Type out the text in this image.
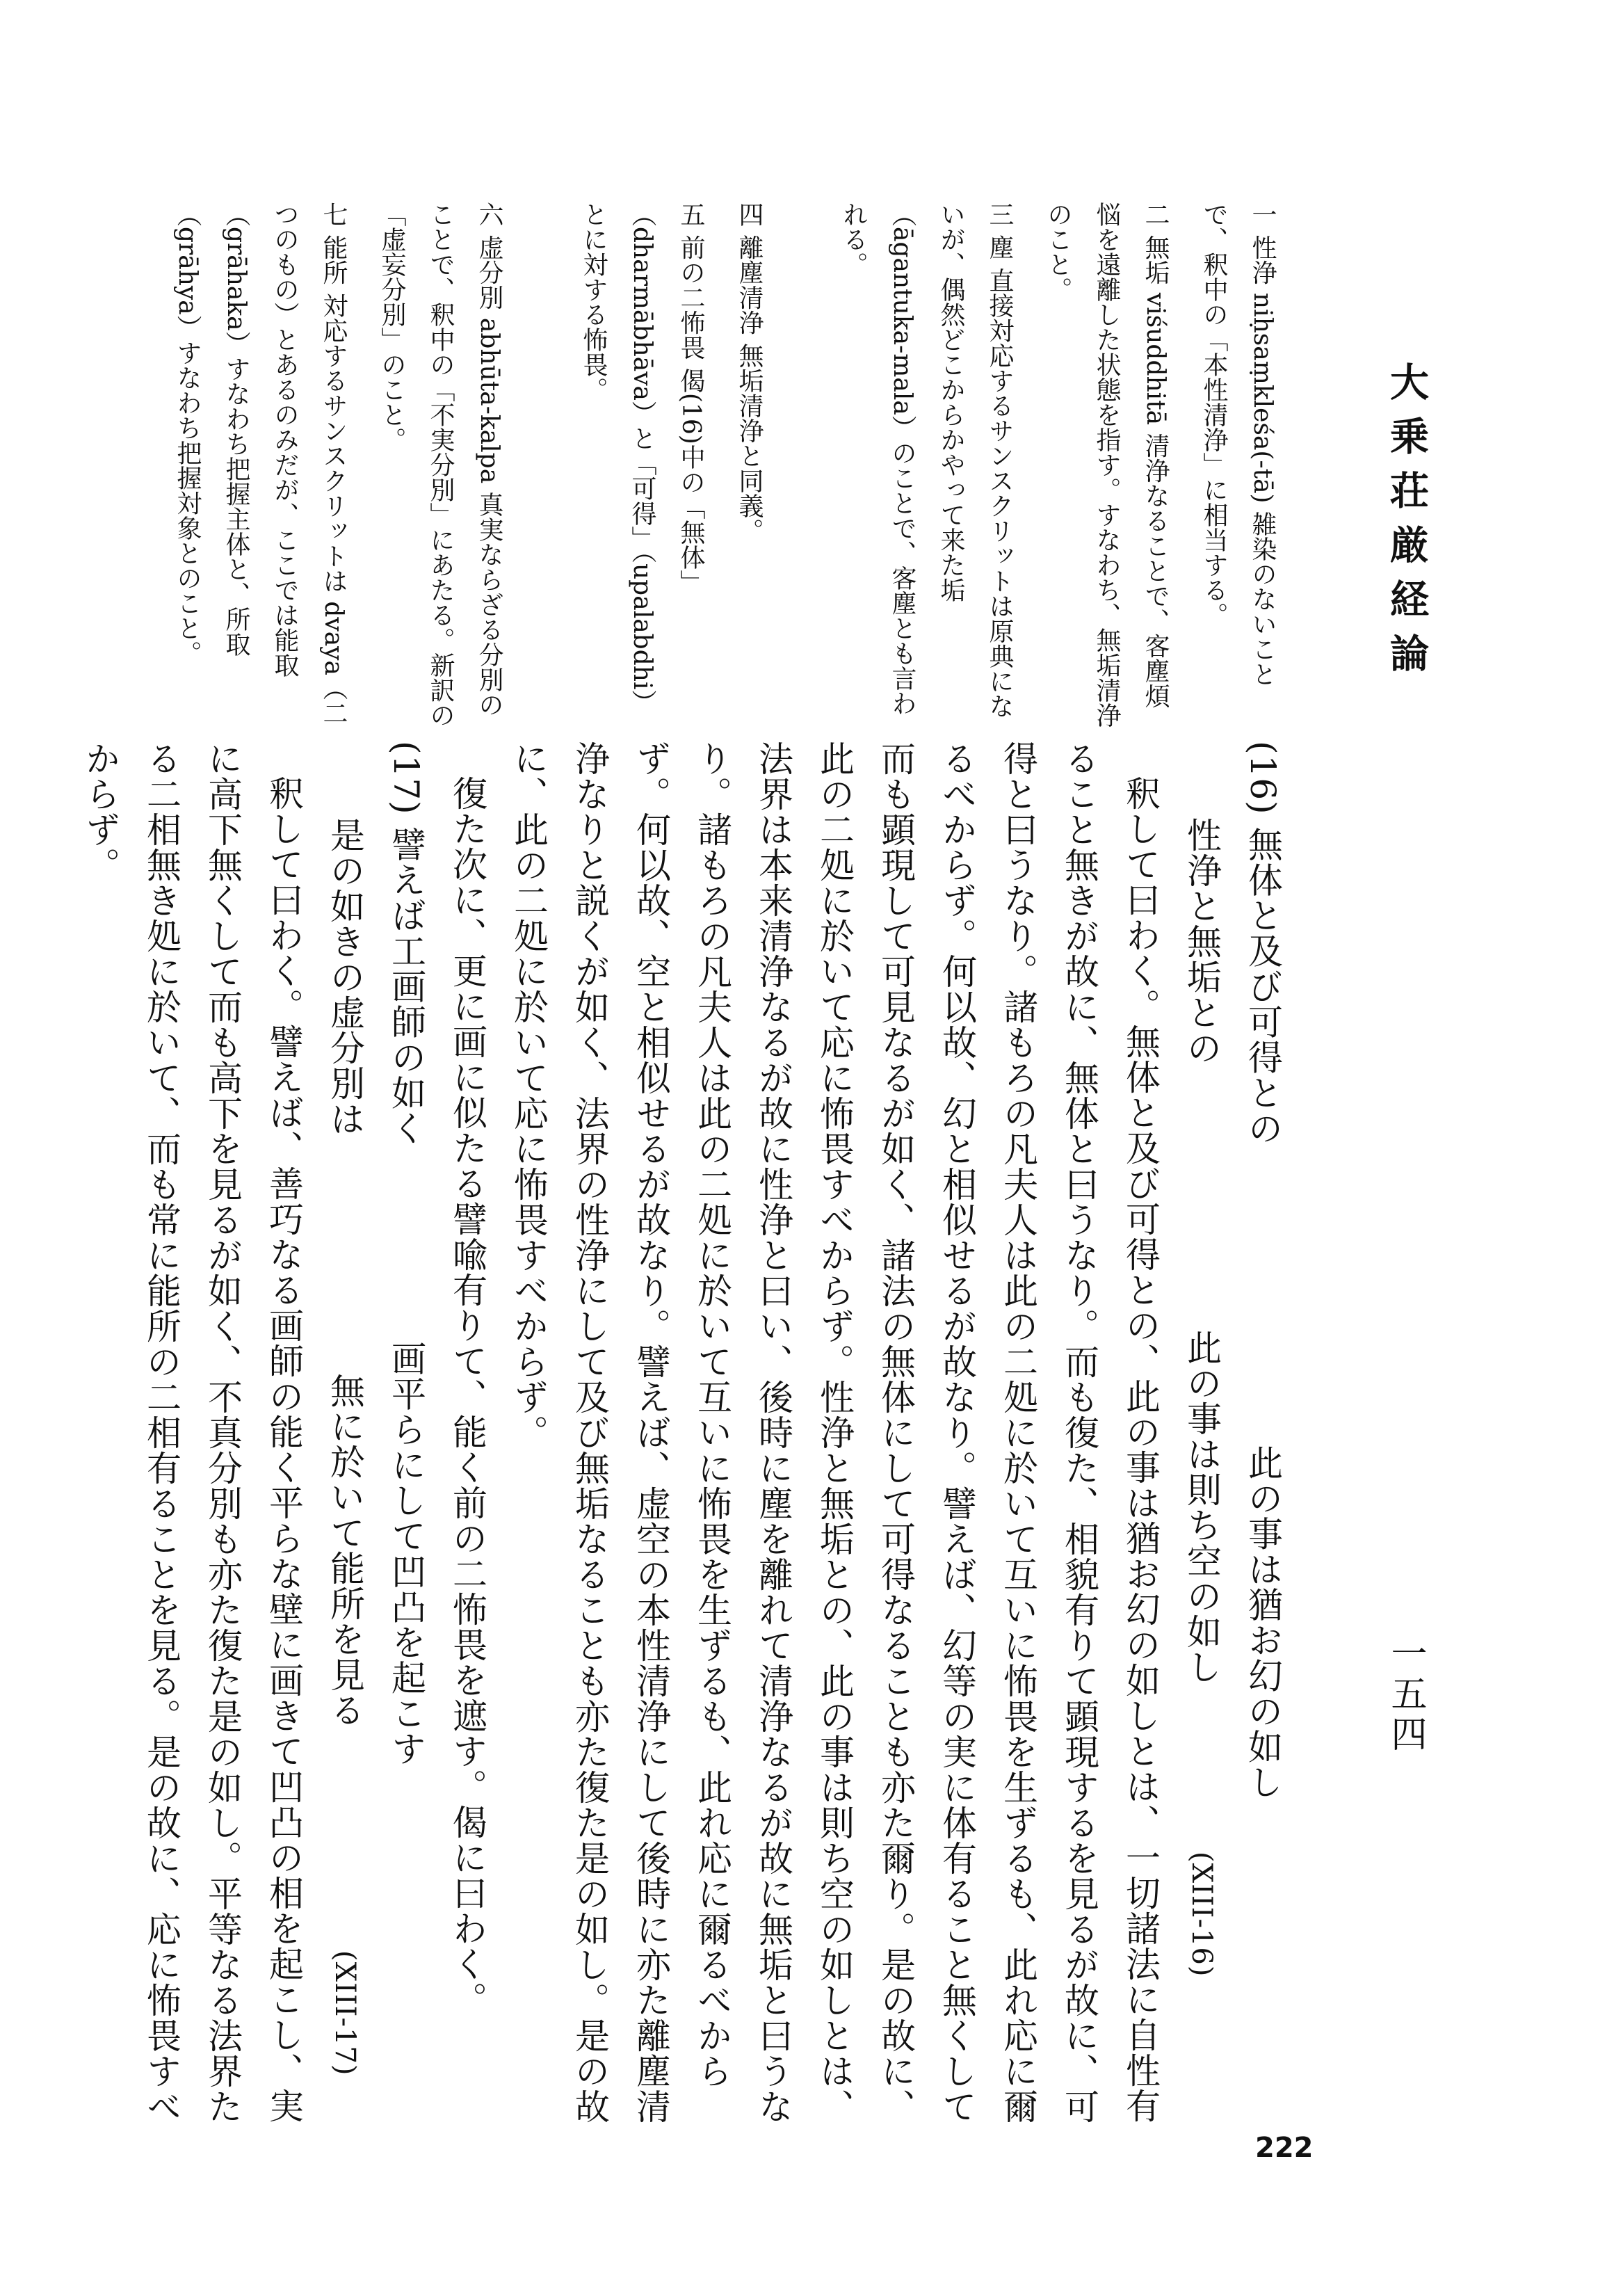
大乗荘厳経論
一五四
222

一 性浄 niḥsaṃkleśa(-tā) 雑染のないことで、釈中の「本性清浄」に相当する。

二 無垢 viśuddhitā 清浄なることで、客塵煩悩を遠離した状態を指す。すなわち、無垢清浄のこと。

三 塵 直接対応するサンスクリットは原典にないが、偶然どこからかやって来た垢（āgantuka-mala）のことで、客塵とも言われる。

四 離塵清浄 無垢清浄と同義。

五 前の二怖畏 偈(16)中の「無体」（dharmābhāva）と「可得」（upalabdhi）とに対する怖畏。

六 虚分別 abhūta-kalpa 真実ならざる分別のことで、釈中の「不実分別」にあたる。新訳の「虚妄分別」のこと。

七 能所 対応するサンスクリットは dvaya（二つのもの）とあるのみだが、ここでは能取（grāhaka）すなわち把握主体と、所取（grāhya）すなわち把握対象とのこと。

(16) 無体と及び可得との此の事は猶お幻の如し

性浄と無垢との此の事は則ち空の如し(XIII-16)

釈して曰わく。無体と及び可得との、此の事は猶お幻の如しとは、一切諸法に自性有ること無きが故に、無体と曰うなり。而も復た、相貌有りて顕現するを見るが故に、可得と曰うなり。諸もろの凡夫人は此の二処に於いて互いに怖畏を生ずるも、此れ応に爾るべからず。何以故、幻と相似せるが故なり。譬えば、幻等の実に体有ること無くして而も顕現して可見なるが如く、諸法の無体にして可得なることも亦た爾り。是の故に、此の二処に於いて応に怖畏すべからず。性浄と無垢との、此の事は則ち空の如しとは、法界は本来清浄なるが故に性浄と曰い、後時に塵を離れて清浄なるが故に無垢と曰うなり。諸もろの凡夫人は此の二処に於いて互いに怖畏を生ずるも、此れ応に爾るべからず。何以故、空と相似せるが故なり。譬えば、虚空の本性清浄にして後時に亦た離塵清浄なりと説くが如く、法界の性浄にして及び無垢なることも亦た復た是の如し。是の故に、此の二処に於いて応に怖畏すべからず。

復た次に、更に画に似たる譬喩有りて、能く前の二怖畏を遮す。偈に曰わく。

(17) 譬えば工画師の如く画平らにして凹凸を起こす

是の如きの虚分別は無に於いて能所を見る(XIII-17)

釈して曰わく。譬えば、善巧なる画師の能く平らな壁に画きて凹凸の相を起こし、実に高下無くして而も高下を見るが如く、不真分別も亦た復た是の如し。平等なる法界たる二相無き処に於いて、而も常に能所の二相有ることを見る。是の故に、応に怖畏すべからず。
